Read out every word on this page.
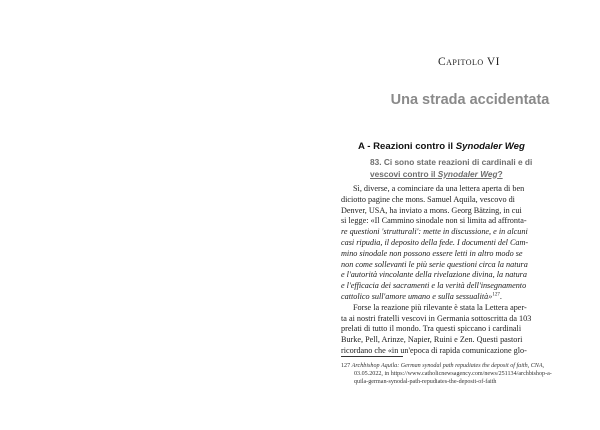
Capitolo VI
Una strada accidentata
A - Reazioni contro il Synodaler Weg
83. Ci sono state reazioni di cardinali e di
vescovi contro il Synodaler Weg?
Sì, diverse, a cominciare da una lettera aperta di ben
diciotto pagine che mons. Samuel Aquila, vescovo di
Denver, USA, ha inviato a mons. Georg Bätzing, in cui
si legge: «Il Cammino sinodale non si limita ad affronta-
re questioni 'strutturali': mette in discussione, e in alcuni
casi ripudia, il deposito della fede. I documenti del Cam-
mino sinodale non possono essere letti in altro modo se
non come sollevanti le più serie questioni circa la natura
e l'autorità vincolante della rivelazione divina, la natura
e l'efficacia dei sacramenti e la verità dell'insegnamento
cattolico sull'amore umano e sulla sessualità»$^{127}$.
Forse la reazione più rilevante è stata la Lettera aper-
ta ai nostri fratelli vescovi in Germania sottoscritta da 103
prelati di tutto il mondo. Tra questi spiccano i cardinali
Burke, Pell, Arinze, Napier, Ruini e Zen. Questi pastori
ricordano che «in un'epoca di rapida comunicazione glo-
127 Archbishop Aquila: German synodal path repudiates the deposit of faith, CNA,
03.05.2022, in https://www.catholicnewsagency.com/news/251134/archbishop-a-
quila-german-synodal-path-repudiates-the-deposit-of-faith
